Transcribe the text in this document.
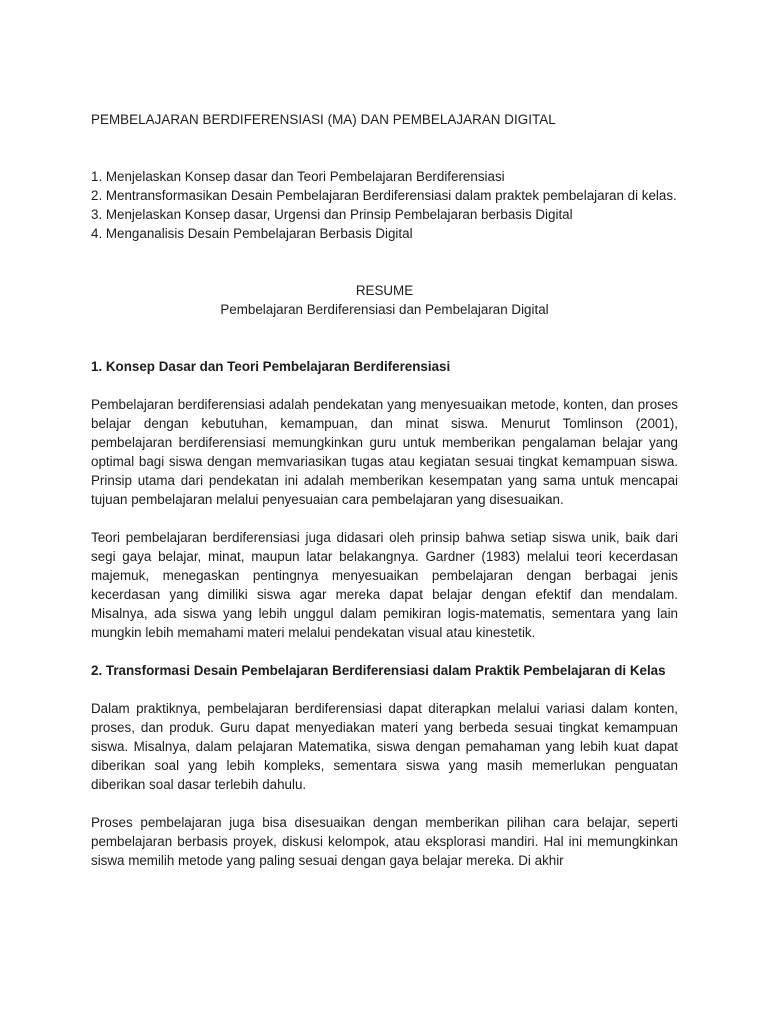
PEMBELAJARAN BERDIFERENSIASI (MA) DAN PEMBELAJARAN DIGITAL

1. Menjelaskan Konsep dasar dan Teori Pembelajaran Berdiferensiasi

2. Mentransformasikan Desain Pembelajaran Berdiferensiasi dalam praktek pembelajaran di kelas.

3. Menjelaskan Konsep dasar, Urgensi dan Prinsip Pembelajaran berbasis Digital

4. Menganalisis Desain Pembelajaran Berbasis Digital

RESUME

Pembelajaran Berdiferensiasi dan Pembelajaran Digital

1. Konsep Dasar dan Teori Pembelajaran Berdiferensiasi

Pembelajaran berdiferensiasi adalah pendekatan yang menyesuaikan metode, konten, dan proses belajar dengan kebutuhan, kemampuan, dan minat siswa. Menurut Tomlinson (2001), pembelajaran berdiferensiasi memungkinkan guru untuk memberikan pengalaman belajar yang optimal bagi siswa dengan memvariasikan tugas atau kegiatan sesuai tingkat kemampuan siswa. Prinsip utama dari pendekatan ini adalah memberikan kesempatan yang sama untuk mencapai tujuan pembelajaran melalui penyesuaian cara pembelajaran yang disesuaikan.

Teori pembelajaran berdiferensiasi juga didasari oleh prinsip bahwa setiap siswa unik, baik dari segi gaya belajar, minat, maupun latar belakangnya. Gardner (1983) melalui teori kecerdasan majemuk, menegaskan pentingnya menyesuaikan pembelajaran dengan berbagai jenis kecerdasan yang dimiliki siswa agar mereka dapat belajar dengan efektif dan mendalam. Misalnya, ada siswa yang lebih unggul dalam pemikiran logis-matematis, sementara yang lain mungkin lebih memahami materi melalui pendekatan visual atau kinestetik.

2. Transformasi Desain Pembelajaran Berdiferensiasi dalam Praktik Pembelajaran di Kelas

Dalam praktiknya, pembelajaran berdiferensiasi dapat diterapkan melalui variasi dalam konten, proses, dan produk. Guru dapat menyediakan materi yang berbeda sesuai tingkat kemampuan siswa. Misalnya, dalam pelajaran Matematika, siswa dengan pemahaman yang lebih kuat dapat diberikan soal yang lebih kompleks, sementara siswa yang masih memerlukan penguatan diberikan soal dasar terlebih dahulu.

Proses pembelajaran juga bisa disesuaikan dengan memberikan pilihan cara belajar, seperti pembelajaran berbasis proyek, diskusi kelompok, atau eksplorasi mandiri. Hal ini memungkinkan siswa memilih metode yang paling sesuai dengan gaya belajar mereka. Di akhir
